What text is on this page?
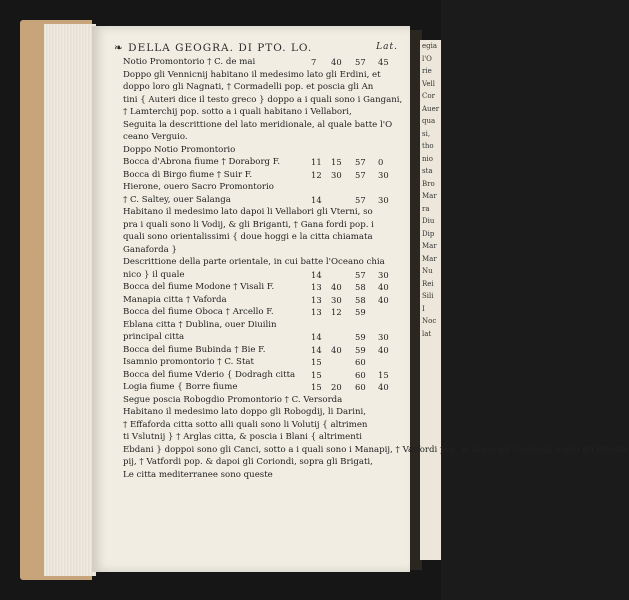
egia
l'O
rie
Vell
Cor
Auer
qua
si,
tho
nio
sta
Bro
Mar
ra
Diu
Dip
Mar
Mar
Nu
Rei
Sili
I
Noc
lat
❧ DELLA GEOGRA. DI PTO. LO.	Lat.
Notio Promontorio † C. de mai	7 40 57 45
Doppo gli Vennicnij habitano il medesimo lato gli Erdini, et
doppo loro gli Nagnati, † Cormadelli pop. et poscia gli An
tini { Auteri dice il testo greco } doppo a i quali sono i Gangani,
† Lamterchij pop. sotto a i quali habitano i Vellabori,
Seguita la descrittione del lato meridionale, al quale batte l'O
ceano Verguio.
Doppo Notio Promontorio
Bocca d'Abrona fiume † Doraborg F.	11 15 57 0
Bocca di Birgo fiume † Suir F.	12 30 57 30
Hierone, ouero Sacro Promontorio
† C. Saltey, ouer Salanga	14	57 30
Habitano il medesimo lato dapoi li Vellabori gli Vterni, so
pra i quali sono li Vodij, & gli Briganti, † Gana fordi pop. i
quali sono orientalissimi { doue hoggi e la citta chiamata
Ganaforda }
Descrittione della parte orientale, in cui batte l'Oceano chia
nico } il quale	14	57 30
Bocca del fiume Modone † Visali F.	13 40 58 40
Manapia citta † Vaforda	13 30 58 40
Bocca del fiume Oboca † Arcello F.	13 12 59
Eblana citta † Dublina, ouer Diuilin
principal citta	14	59 30
Bocca del fiume Bubinda † Bie F.	14 40 59 40
Isamnio promontorio † C. Stat	15	60
Bocca del fiume Vderio { Dodragh citta 15	60 15
Logia fiume { Borre fiume	15 20 60 40
Segue poscia Robogdio Promontorio † C. Versorda
Habitano il medesimo lato doppo gli Robogdij, li Darini,
† Effaforda citta sotto alli quali sono li Volutij { altrimen
ti Vslutnij } † Arglas citta, & poscia i Blani { altrimenti
Ebdani } doppoi sono gli Canci, sotto a i quali sono i Manapij, † Vatfordi pop. & dapoi gli Coriondi, sopra gli Brigati,
pij, † Vatfordi pop. & dapoi gli Coriondi, sopra gli Brigati,
Le citta mediterranee sono queste
